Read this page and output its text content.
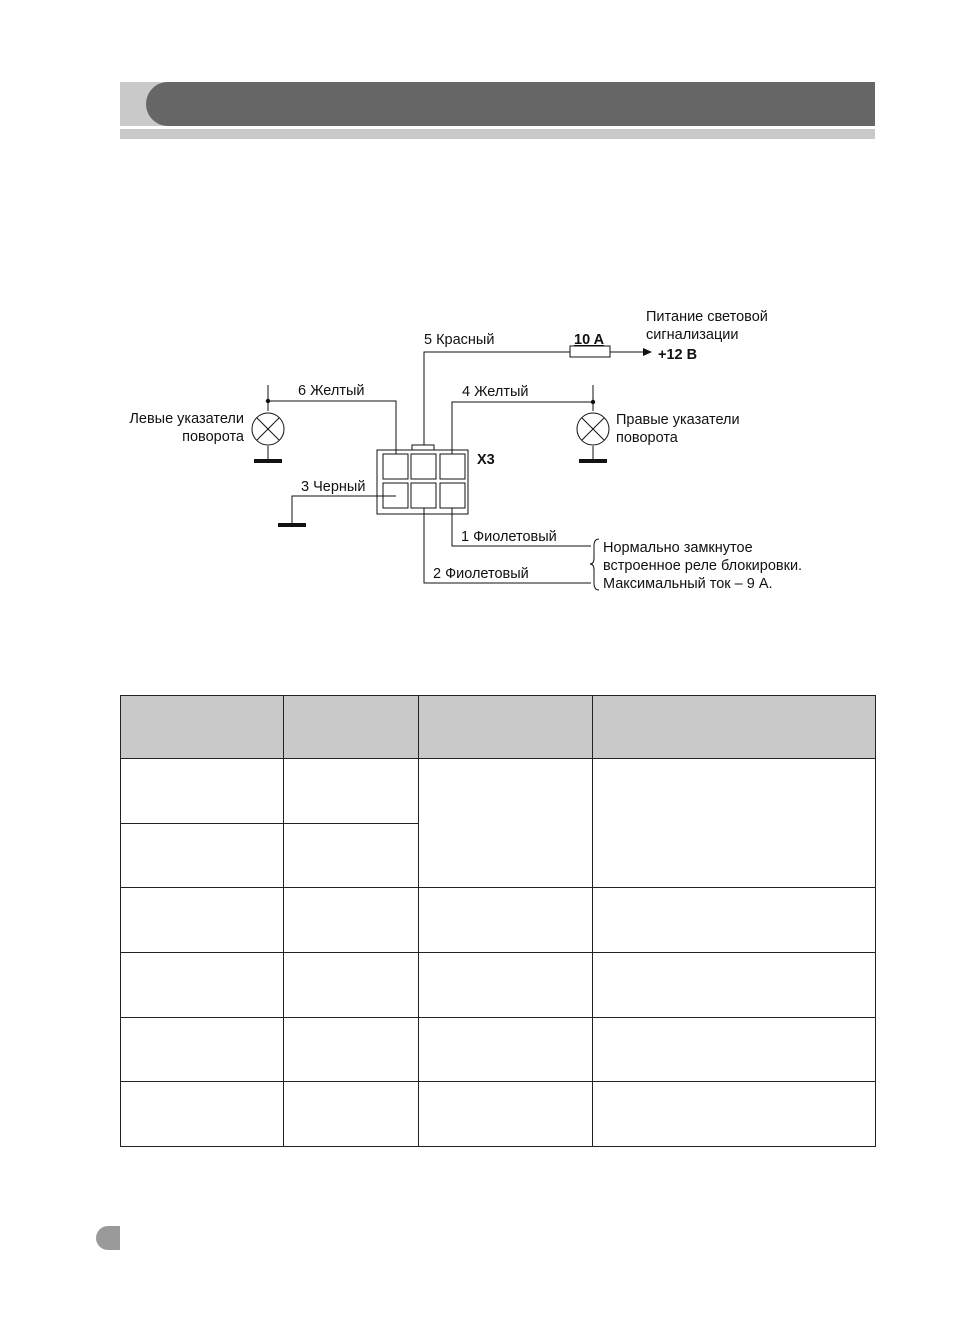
5 Красный	10 A
Питание световой
сигнализации
+12 В
6 Желтый	4 Желтый
Левые указатели
поворота
Правые указатели
поворота
X3
3 Черный
1 Фиолетовый
2 Фиолетовый
Нормально замкнутое
встроенное реле блокировки.
Максимальный ток – 9 А.
